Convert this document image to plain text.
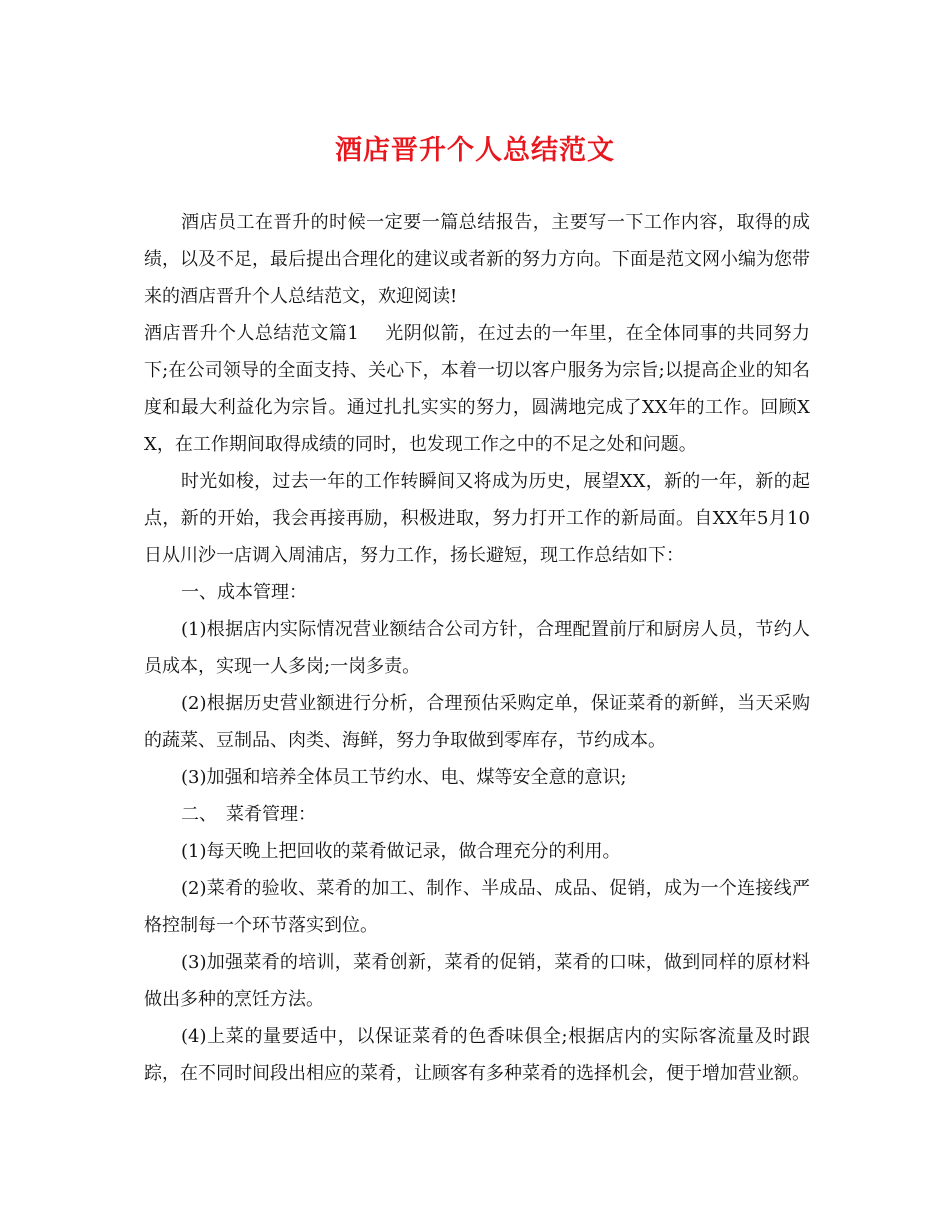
酒店晋升个人总结范文

酒店员工在晋升的时候一定要一篇总结报告，主要写一下工作内容，取得的成绩，以及不足，最后提出合理化的建议或者新的努力方向。下面是范文网小编为您带来的酒店晋升个人总结范文，欢迎阅读!

酒店晋升个人总结范文篇1 光阴似箭，在过去的一年里，在全体同事的共同努力下;在公司领导的全面支持、关心下，本着一切以客户服务为宗旨;以提高企业的知名度和最大利益化为宗旨。通过扎扎实实的努力，圆满地完成了XX年的工作。回顾XX，在工作期间取得成绩的同时，也发现工作之中的不足之处和问题。

时光如梭，过去一年的工作转瞬间又将成为历史，展望XX，新的一年，新的起点，新的开始，我会再接再励，积极进取，努力打开工作的新局面。自XX年5月10日从川沙一店调入周浦店，努力工作，扬长避短，现工作总结如下：

一、成本管理：

(1)根据店内实际情况营业额结合公司方针，合理配置前厅和厨房人员，节约人员成本，实现一人多岗;一岗多责。

(2)根据历史营业额进行分析，合理预估采购定单，保证菜肴的新鲜，当天采购的蔬菜、豆制品、肉类、海鲜，努力争取做到零库存，节约成本。

(3)加强和培养全体员工节约水、电、煤等安全意的意识;

二、　菜肴管理：

(1)每天晚上把回收的菜肴做记录，做合理充分的利用。

(2)菜肴的验收、菜肴的加工、制作、半成品、成品、促销，成为一个连接线严格控制每一个环节落实到位。

(3)加强菜肴的培训，菜肴创新，菜肴的促销，菜肴的口味，做到同样的原材料做出多种的烹饪方法。

(4)上菜的量要适中，以保证菜肴的色香味俱全;根据店内的实际客流量及时跟踪，在不同时间段出相应的菜肴，让顾客有多种菜肴的选择机会，便于增加营业额。
